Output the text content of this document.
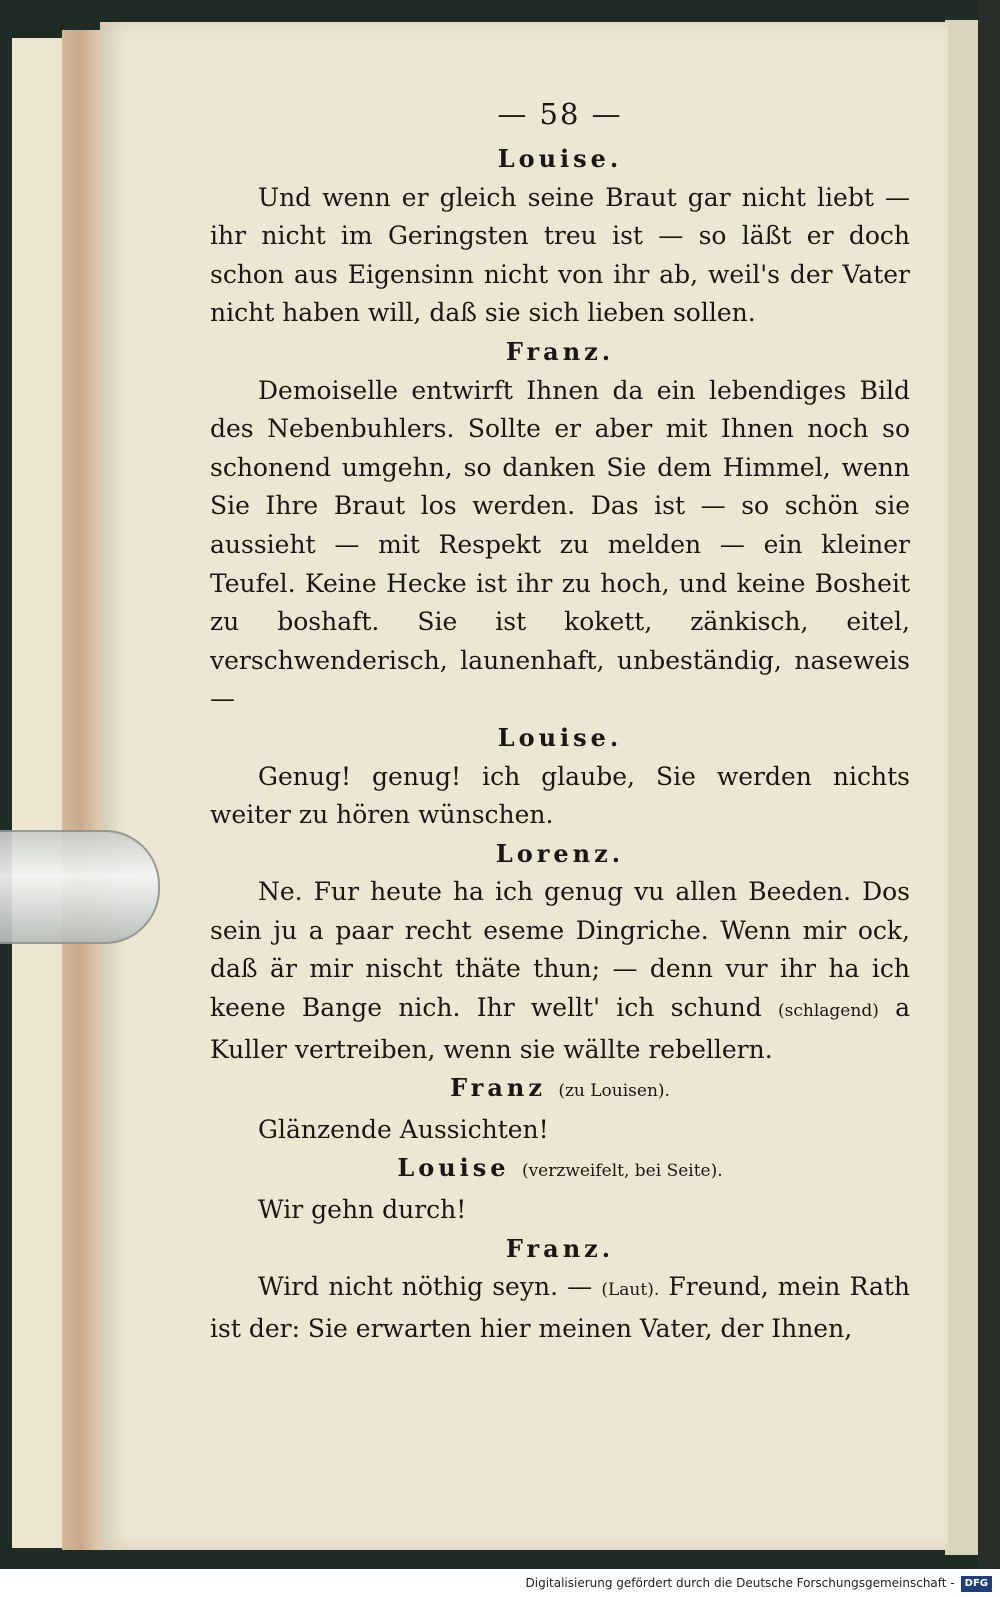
— 58 —
Louise.
Und wenn er gleich seine Braut gar nicht liebt — ihr nicht im Geringsten treu ist — so läßt er doch schon aus Eigensinn nicht von ihr ab, weil's der Vater nicht haben will, daß sie sich lieben sollen.
Franz.
Demoiselle entwirft Ihnen da ein lebendiges Bild des Nebenbuhlers. Sollte er aber mit Ihnen noch so schonend umgehn, so danken Sie dem Himmel, wenn Sie Ihre Braut los werden. Das ist — so schön sie aussieht — mit Respekt zu melden — ein kleiner Teufel. Keine Hecke ist ihr zu hoch, und keine Bosheit zu boshaft. Sie ist kokett, zänkisch, eitel, verschwenderisch, launenhaft, unbeständig, naseweis —
Louise.
Genug! genug! ich glaube, Sie werden nichts weiter zu hören wünschen.
Lorenz.
Ne. Fur heute ha ich genug vu allen Beeden. Dos sein ju a paar recht eseme Dingriche. Wenn mir ock, daß är mir nischt thäte thun; — denn vur ihr ha ich keene Bange nich. Ihr wellt' ich schund (schlagend) a Kuller vertreiben, wenn sie wällte rebellern.
Franz (zu Louisen).
Glänzende Aussichten!
Louise (verzweifelt, bei Seite).
Wir gehn durch!
Franz.
Wird nicht nöthig seyn. — (Laut). Freund, mein Rath ist der: Sie erwarten hier meinen Vater, der Ihnen,
Digitalisierung gefördert durch die Deutsche Forschungsgemeinschaft - DFG
